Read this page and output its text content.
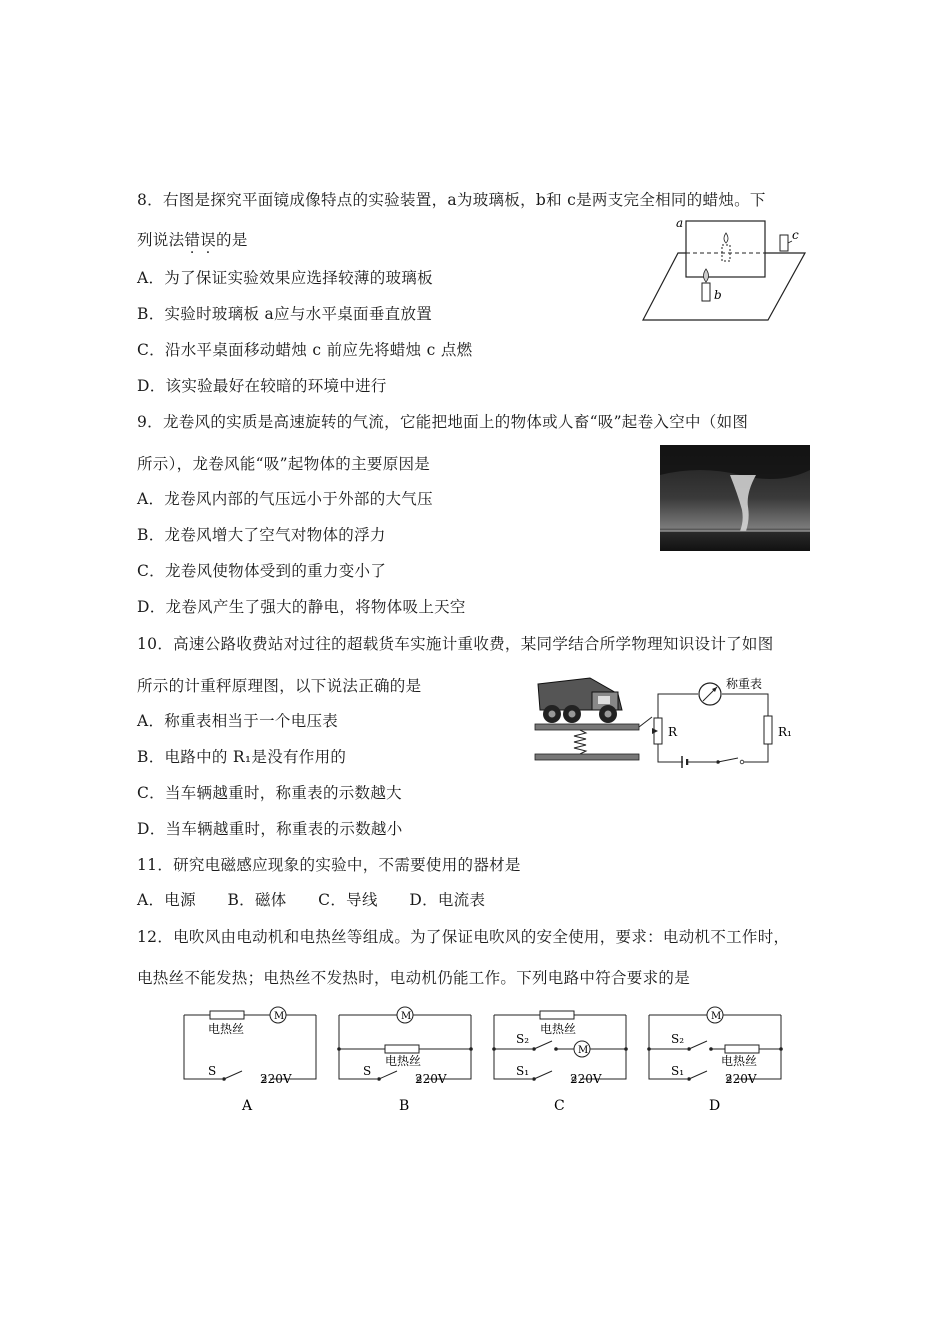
8．右图是探究平面镜成像特点的实验装置，a为玻璃板，b和 c是两支完全相同的蜡烛。下
列说法错误的是
A．为了保证实验效果应选择较薄的玻璃板
B．实验时玻璃板 a应与水平桌面垂直放置
C．沿水平桌面移动蜡烛 c 前应先将蜡烛 c 点燃
D．该实验最好在较暗的环境中进行
a
b
c
9．龙卷风的实质是高速旋转的气流，它能把地面上的物体或人畜“吸”起卷入空中（如图
所示），龙卷风能“吸”起物体的主要原因是
A．龙卷风内部的气压远小于外部的大气压
B．龙卷风增大了空气对物体的浮力
C．龙卷风使物体受到的重力变小了
D．龙卷风产生了强大的静电，将物体吸上天空
10．高速公路收费站对过往的超载货车实施计重收费，某同学结合所学物理知识设计了如图
所示的计重秤原理图，以下说法正确的是
A．称重表相当于一个电压表
B．电路中的 R₁是没有作用的
C．当车辆越重时，称重表的示数越大
D．当车辆越重时，称重表的示数越小
称重表
R	R₁
11．研究电磁感应现象的实验中，不需要使用的器材是
A．电源　　B．磁体　　C．导线　　D．电流表
12．电吹风由电动机和电热丝等组成。为了保证电吹风的安全使用，要求：电动机不工作时，
电热丝不能发热；电热丝不发热时，电动机仍能工作。下列电路中符合要求的是
M
电热丝
S
220V
A
M
电热丝
S
220V
B
电热丝
M
S₂
S₁
220V
C
M
电热丝
S₂
S₁
220V
D
